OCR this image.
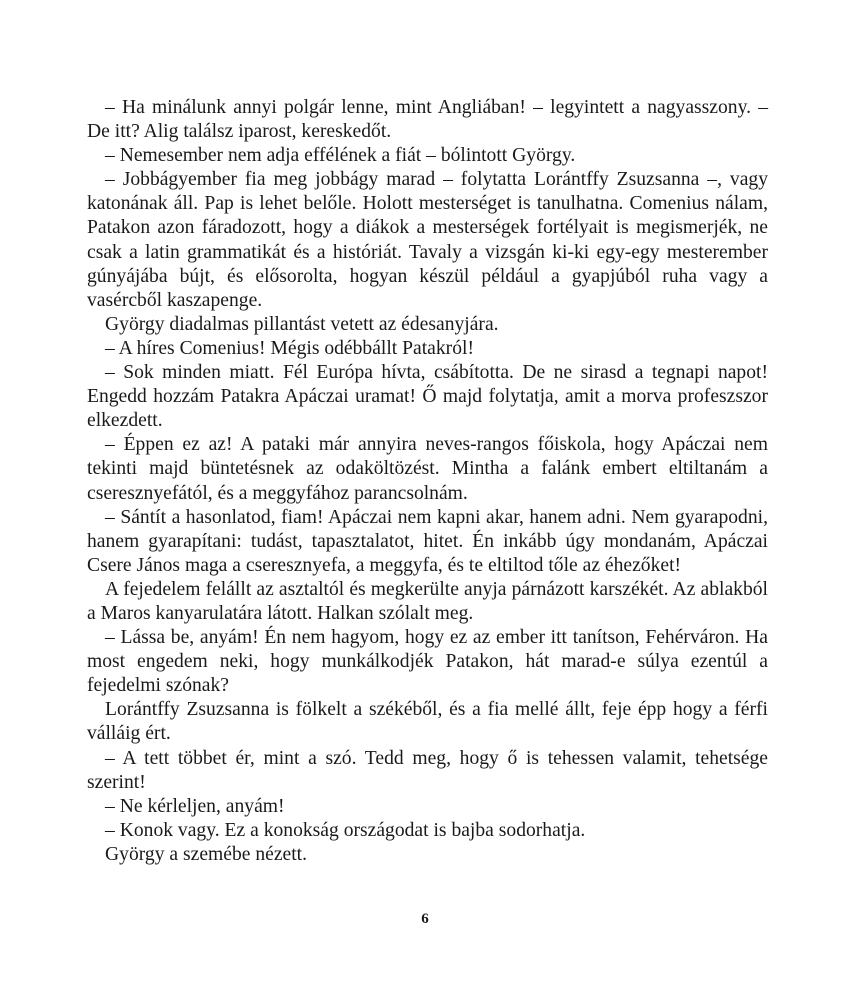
– Ha minálunk annyi polgár lenne, mint Angliában! – legyintett a nagyasszony. – De itt? Alig találsz iparost, kereskedőt.

– Nemesember nem adja effélének a fiát – bólintott György.

– Jobbágyember fia meg jobbágy marad – folytatta Lorántffy Zsuzsanna –, vagy katonának áll. Pap is lehet belőle. Holott mesterséget is tanulhatna. Comenius nálam, Patakon azon fáradozott, hogy a diákok a mesterségek fortélyait is megismerjék, ne csak a latin grammatikát és a históriát. Tavaly a vizsgán ki-ki egy-egy mesterember gúnyájába bújt, és elősorolta, hogyan készül például a gyapjúból ruha vagy a vasércből kaszapenge.

György diadalmas pillantást vetett az édesanyjára.

– A híres Comenius! Mégis odébbállt Patakról!

– Sok minden miatt. Fél Európa hívta, csábította. De ne sirasd a tegnapi napot! Engedd hozzám Patakra Apáczai uramat! Ő majd folytatja, amit a morva profeszszor elkezdett.

– Éppen ez az! A pataki már annyira neves-rangos főiskola, hogy Apáczai nem tekinti majd büntetésnek az odaköltözést. Mintha a falánk embert eltiltanám a cseresznyefától, és a meggyfához parancsolnám.

– Sántít a hasonlatod, fiam! Apáczai nem kapni akar, hanem adni. Nem gyarapodni, hanem gyarapítani: tudást, tapasztalatot, hitet. Én inkább úgy mondanám, Apáczai Csere János maga a cseresznyefa, a meggyfa, és te eltiltod tőle az éhezőket!

A fejedelem felállt az asztaltól és megkerülte anyja párnázott karszékét. Az ablakból a Maros kanyarulatára látott. Halkan szólalt meg.

– Lássa be, anyám! Én nem hagyom, hogy ez az ember itt tanítson, Fehérváron. Ha most engedem neki, hogy munkálkodjék Patakon, hát marad-e súlya ezentúl a fejedelmi szónak?

Lorántffy Zsuzsanna is fölkelt a székéből, és a fia mellé állt, feje épp hogy a férfi válláig ért.

– A tett többet ér, mint a szó. Tedd meg, hogy ő is tehessen valamit, tehetsége szerint!

– Ne kérleljen, anyám!

– Konok vagy. Ez a konokság országodat is bajba sodorhatja.

György a szemébe nézett.

6
